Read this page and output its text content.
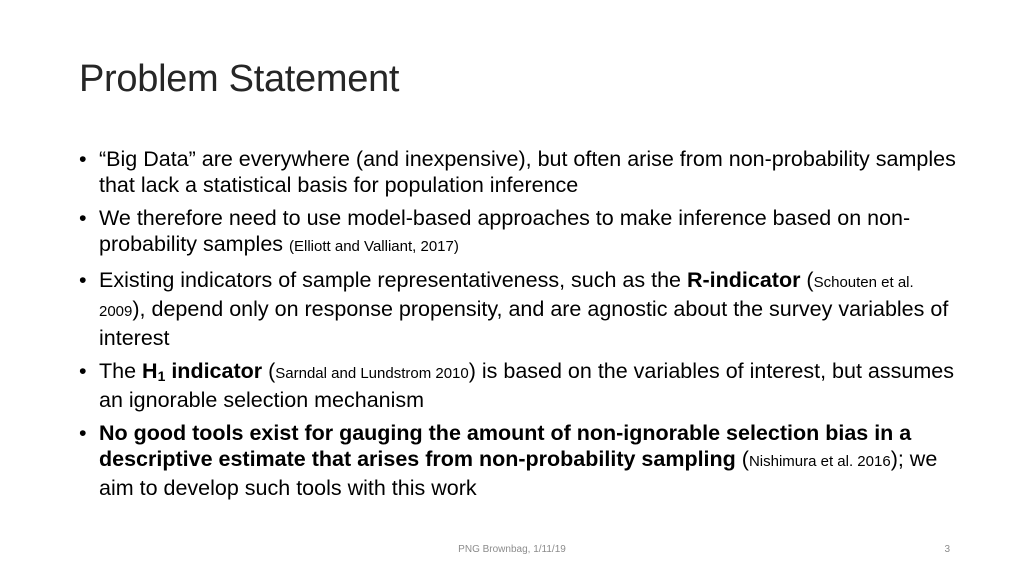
Problem Statement
• “Big Data” are everywhere (and inexpensive), but often arise from non-probability samples that lack a statistical basis for population inference
• We therefore need to use model-based approaches to make inference based on non-probability samples (Elliott and Valliant, 2017)
• Existing indicators of sample representativeness, such as the R-indicator (Schouten et al. 2009), depend only on response propensity, and are agnostic about the survey variables of interest
• The $H_1$ indicator (Sarndal and Lundstrom 2010) is based on the variables of interest, but assumes an ignorable selection mechanism
• No good tools exist for gauging the amount of non-ignorable selection bias in a descriptive estimate that arises from non-probability sampling (Nishimura et al. 2016); we aim to develop such tools with this work
PNG Brownbag, 1/11/19	3
